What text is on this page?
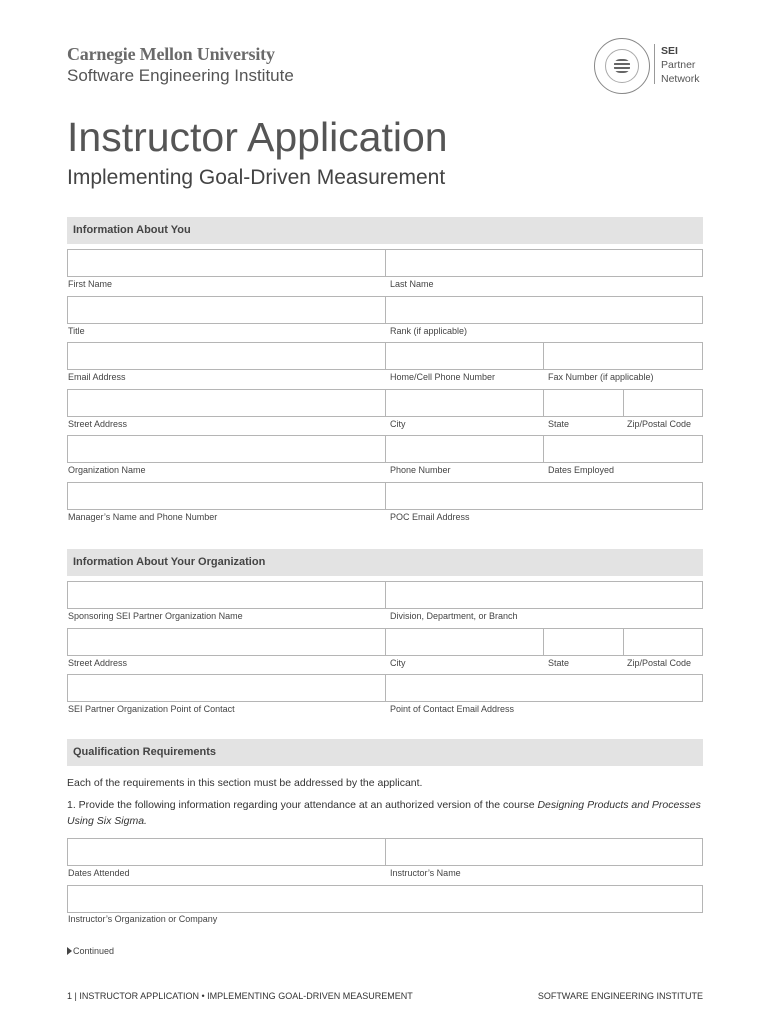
Carnegie Mellon University
Software Engineering Institute
SEI
Partner
Network
Instructor Application
Implementing Goal-Driven Measurement
Information About You
First Name	Last Name
Title	Rank (if applicable)
Email Address	Home/Cell Phone Number	Fax Number (if applicable)
Street Address	City	State	Zip/Postal Code
Organization Name	Phone Number	Dates Employed
Manager’s Name and Phone Number	POC Email Address
Information About Your Organization
Sponsoring SEI Partner Organization Name	Division, Department, or Branch
Street Address	City	State	Zip/Postal Code
SEI Partner Organization Point of Contact	Point of Contact Email Address
Qualification Requirements
Each of the requirements in this section must be addressed by the applicant.
1. Provide the following information regarding your attendance at an authorized version of the course Designing Products and Processes Using Six Sigma.
Dates Attended	Instructor’s Name
Instructor’s Organization or Company
Continued
1 | INSTRUCTOR APPLICATION • IMPLEMENTING GOAL-DRIVEN MEASUREMENT	SOFTWARE ENGINEERING INSTITUTE
